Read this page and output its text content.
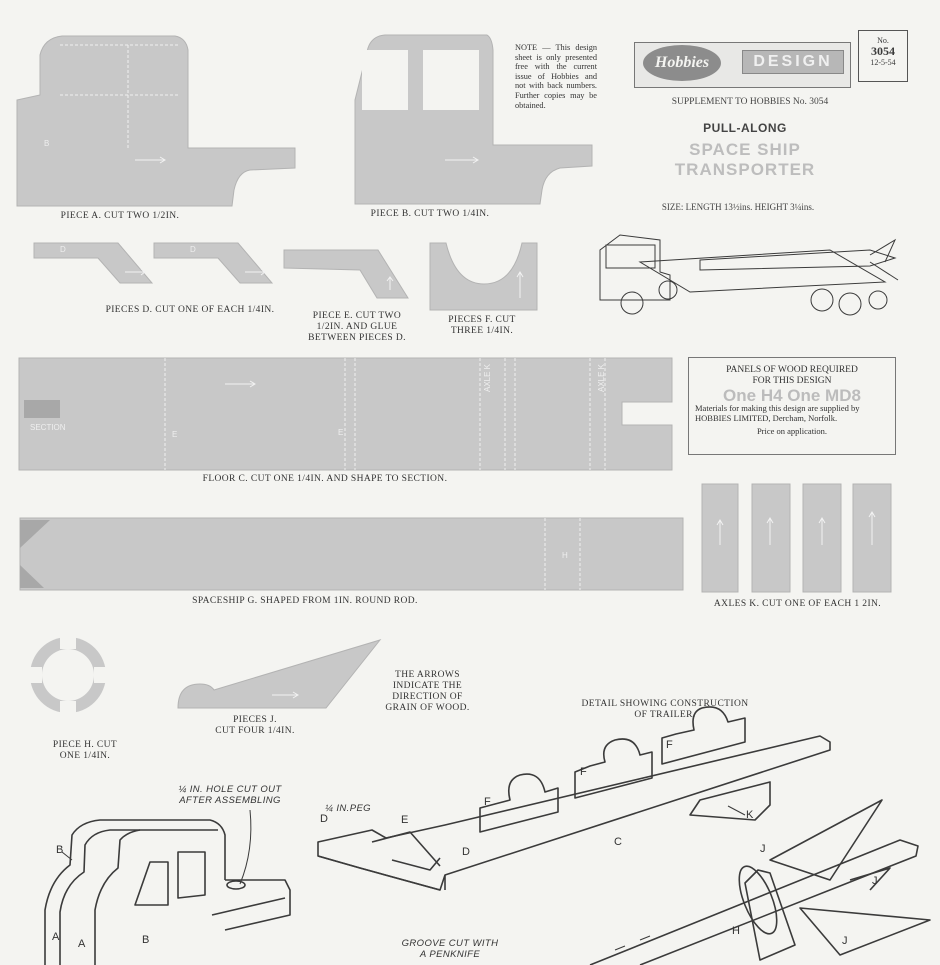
B
D	D
SECTION
E	E
AXLE K	AXLE K
H
A
A
B
B
D
D
E
F
F
F
C
K
J
J
J
H
NOTE — This design sheet is only presented free with the current issue of Hobbies and not with back numbers. Further copies may be obtained.
Hobbies	DESIGN
No.
3054
12-5-54
SUPPLEMENT TO HOBBIES No. 3054
PULL-ALONG
SPACE SHIP
TRANSPORTER
SIZE: LENGTH 13½ins. HEIGHT 3¼ins.
PANELS OF WOOD REQUIRED
FOR THIS DESIGN
One H4 One MD8
Materials for making this design are supplied by HOBBIES LIMITED, Dercham, Norfolk.
Price on application.
PIECE A. CUT TWO 1/2IN.	PIECE B. CUT TWO 1/4IN.
PIECES D. CUT ONE OF EACH 1/4IN.
PIECE E. CUT TWO
1/2IN. AND GLUE
BETWEEN PIECES D.
PIECES F. CUT
THREE 1/4IN.
FLOOR C. CUT ONE 1/4IN. AND SHAPE TO SECTION.
SPACESHIP G. SHAPED FROM 1IN. ROUND ROD.	AXLES K. CUT ONE OF EACH 1 2IN.
PIECE H. CUT
ONE 1/4IN.
PIECES J.
CUT FOUR 1/4IN.
THE ARROWS
INDICATE THE
DIRECTION OF
GRAIN OF WOOD.	DETAIL SHOWING CONSTRUCTION
OF TRAILER.
¼ IN. HOLE CUT OUT
AFTER ASSEMBLING
¼ IN.PEG
GROOVE CUT WITH
A PENKNIFE
